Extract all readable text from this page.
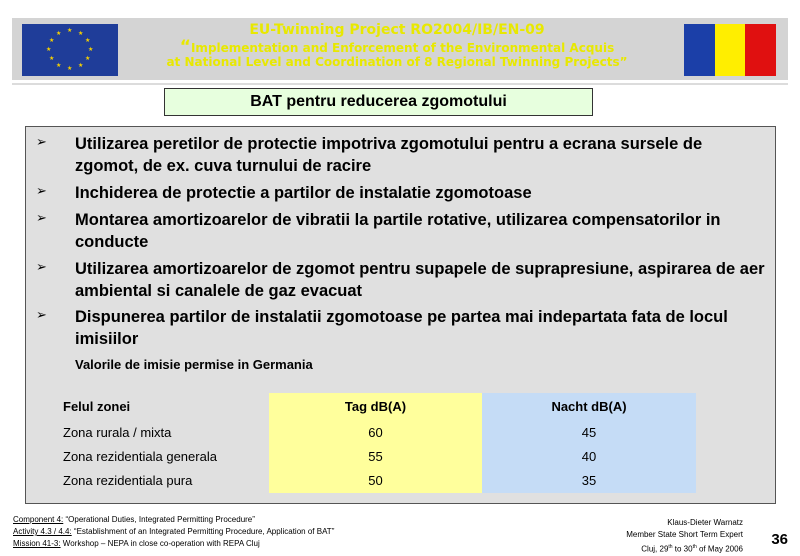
★ ★
★
★
★
★
★
★
★
★
★
★	EU-Twinning Project RO2004/IB/EN-09
“Implementation and Enforcement of the Environmental Acquis
at National Level and Coordination of 8 Regional Twinning Projects”
BAT pentru reducerea zgomotului
➢ Utilizarea peretilor de protectie impotriva zgomotului pentru a ecrana sursele de zgomot, de ex. cuva turnului de racire
➢ Inchiderea de protectie a partilor de instalatie zgomotoase
➢ Montarea amortizoarelor de vibratii la partile rotative, utilizarea compensatorilor in conducte
➢ Utilizarea amortizoarelor de zgomot pentru supapele de suprapresiune, aspirarea de aer ambiental si canalele de gaz evacuat
➢ Dispunerea partilor de instalatii zgomotoase pe partea mai indepartata fata de locul imisiilor
Valorile de imisie permise in Germania
Felul zonei	Tag dB(A)	Nacht dB(A)
Zona rurala / mixta	60	45
Zona rezidentiala generala	55	40
Zona rezidentiala pura	50	35
Component 4: “Operational Duties, Integrated Permitting Procedure”
Activity 4.3 / 4.4: “Establishment of an Integrated Permitting Procedure, Application of BAT”
Mission 41-3: Workshop – NEPA in close co-operation with REPA Cluj
Klaus-Dieter Warnatz
Member State Short Term Expert
Cluj, 29th to 30th of May 2006
36
